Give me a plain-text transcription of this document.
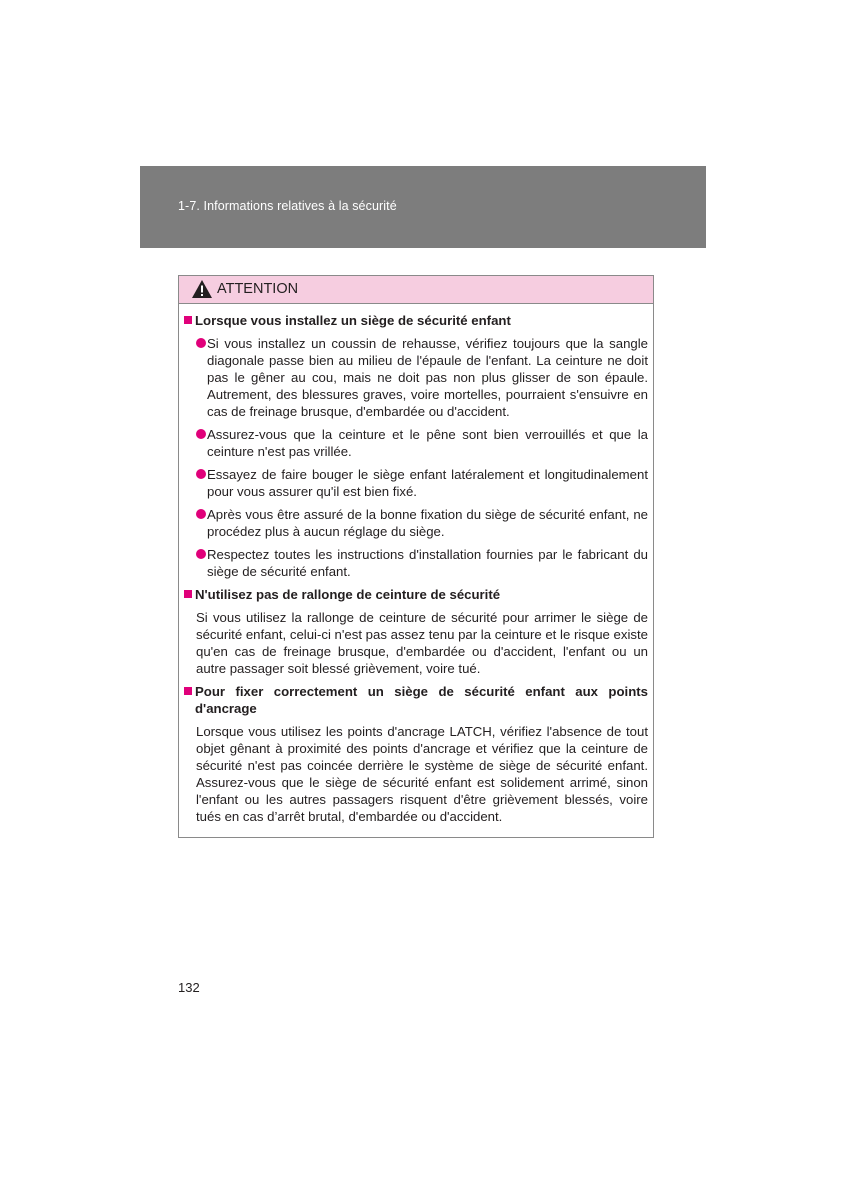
1-7. Informations relatives à la sécurité
ATTENTION
Lorsque vous installez un siège de sécurité enfant
Si vous installez un coussin de rehausse, vérifiez toujours que la sangle diagonale passe bien au milieu de l'épaule de l'enfant. La ceinture ne doit pas le gêner au cou, mais ne doit pas non plus glisser de son épaule. Autrement, des blessures graves, voire mortelles, pourraient s'ensuivre en cas de freinage brusque, d'embardée ou d'accident.
Assurez-vous que la ceinture et le pêne sont bien verrouillés et que la ceinture n'est pas vrillée.
Essayez de faire bouger le siège enfant latéralement et longitudinalement pour vous assurer qu'il est bien fixé.
Après vous être assuré de la bonne fixation du siège de sécurité enfant, ne procédez plus à aucun réglage du siège.
Respectez toutes les instructions d'installation fournies par le fabricant du siège de sécurité enfant.
N'utilisez pas de rallonge de ceinture de sécurité
Si vous utilisez la rallonge de ceinture de sécurité pour arrimer le siège de sécurité enfant, celui-ci n'est pas assez tenu par la ceinture et le risque existe qu'en cas de freinage brusque, d'embardée ou d'accident, l'enfant ou un autre passager soit blessé grièvement, voire tué.
Pour fixer correctement un siège de sécurité enfant aux points d'ancrage
Lorsque vous utilisez les points d'ancrage LATCH, vérifiez l'absence de tout objet gênant à proximité des points d'ancrage et vérifiez que la ceinture de sécurité n'est pas coincée derrière le système de siège de sécurité enfant. Assurez-vous que le siège de sécurité enfant est solidement arrimé, sinon l'enfant ou les autres passagers risquent d'être grièvement blessés, voire tués en cas d’arrêt brutal, d'embardée ou d'accident.
132
